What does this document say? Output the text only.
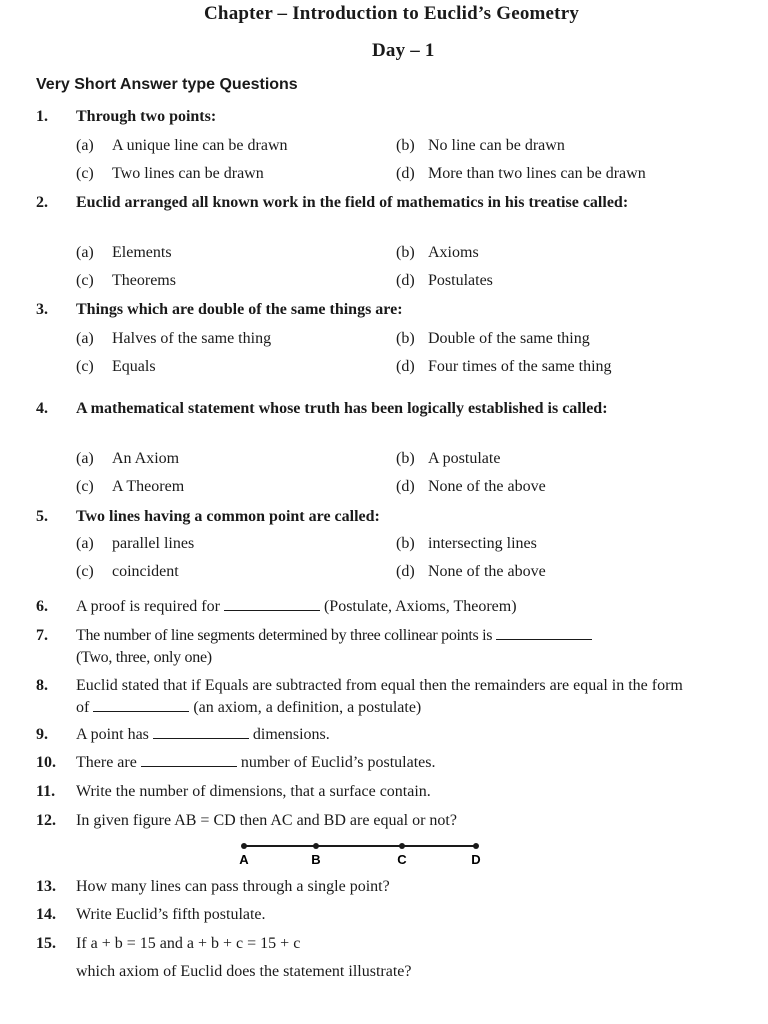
Chapter – Introduction to Euclid’s Geometry
Day – 1
Very Short Answer type Questions
1.	Through two points:
(a) A unique line can be drawn	(b) No line can be drawn
(c) Two lines can be drawn	(d) More than two lines can be drawn
2.	Euclid arranged all known work in the field of mathematics in his treatise called:
(a) Elements	(b) Axioms
(c) Theorems	(d) Postulates
3.	Things which are double of the same things are:
(a) Halves of the same thing	(b) Double of the same thing
(c) Equals	(d) Four times of the same thing
4.	A mathematical statement whose truth has been logically established is called:
(a) An Axiom	(b) A postulate
(c) A Theorem	(d) None of the above
5.	Two lines having a common point are called:
(a) parallel lines	(b) intersecting lines
(c) coincident	(d) None of the above
6.	A proof is required for	(Postulate, Axioms, Theorem)
7.	The number of line segments determined by three collinear points is
(Two, three, only one)
8.	Euclid stated that if Equals are subtracted from equal then the remainders are equal in the form of	(an axiom, a definition, a postulate)
9.	A point has	dimensions.
10.	There are	number of Euclid’s postulates.
11.	Write the number of dimensions, that a surface contain.
12.	In given figure AB = CD then AC and BD are equal or not?
A	B	C	D
13.	How many lines can pass through a single point?
14.	Write Euclid’s fifth postulate.
15.	If a + b = 15 and a + b + c = 15 + c
which axiom of Euclid does the statement illustrate?
